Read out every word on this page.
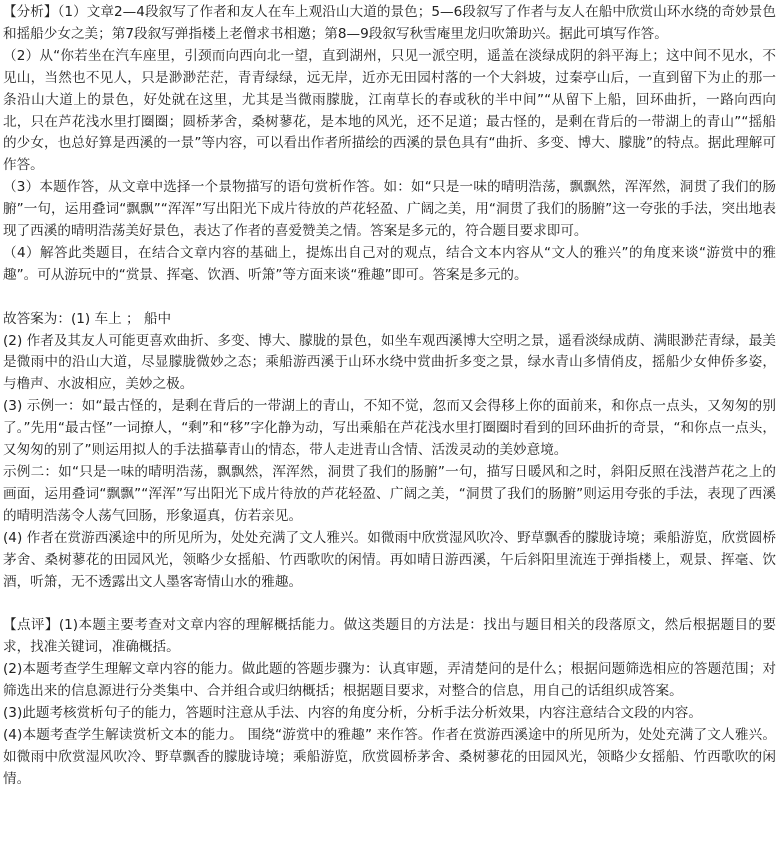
【分析】（1）文章2—4段叙写了作者和友人在车上观沿山大道的景色；5—6段叙写了作者与友人在船中欣赏山环水绕的奇妙景色和摇船少女之美；第7段叙写弹指楼上老僧求书相邀；第8—9段叙写秋雪庵里龙归吹箫助兴。据此可填写作答。

（2）从“你若坐在汽车座里，引颈而向西向北一望，直到湖州，只见一派空明，遥盖在淡绿成阴的斜平海上；这中间不见水，不见山，当然也不见人，只是渺渺茫茫，青青绿绿，远无岸，近亦无田园村落的一个大斜坡，过秦亭山后，一直到留下为止的那一条沿山大道上的景色，好处就在这里，尤其是当微雨朦胧，江南草长的春或秋的半中间”“从留下上船，回环曲折，一路向西向北，只在芦花浅水里打圈圈；圆桥茅舍，桑树蓼花，是本地的风光，还不足道；最古怪的，是剩在背后的一带湖上的青山”“摇船的少女，也总好算是西溪的一景”等内容，可以看出作者所描绘的西溪的景色具有“曲折、多变、博大、朦胧”的特点。据此理解可作答。

（3）本题作答，从文章中选择一个景物描写的语句赏析作答。如：如“只是一味的晴明浩荡，飘飘然，浑浑然，洞贯了我们的肠腑”一句，运用叠词“飘飘”“浑浑”写出阳光下成片待放的芦花轻盈、广阔之美，用“洞贯了我们的肠腑”这一夸张的手法，突出地表现了西溪的晴明浩荡美好景色，表达了作者的喜爱赞美之情。答案是多元的，符合题目要求即可。

（4）解答此类题目，在结合文章内容的基础上，提炼出自己对的观点，结合文本内容从“文人的雅兴”的角度来谈“游赏中的雅趣”。可从游玩中的“赏景、挥毫、饮酒、听箫”等方面来谈“雅趣”即可。答案是多元的。

故答案为：(1) 车上 ； 船中

(2) 作者及其友人可能更喜欢曲折、多变、博大、朦胧的景色，如坐车观西溪博大空明之景，遥看淡绿成荫、满眼渺茫青绿，最美是微雨中的沿山大道，尽显朦胧微妙之态；乘船游西溪于山环水绕中赏曲折多变之景，绿水青山多情俏皮，摇船少女伸侨多姿，与橹声、水波相应，美妙之极。

(3) 示例一：如“最古怪的，是剩在背后的一带湖上的青山，不知不觉，忽而又会得移上你的面前来，和你点一点头，又匆匆的别了。”先用“最古怪”一词撩人，“剩”和“移”字化静为动，写出乘船在芦花浅水里打圈圈时看到的回环曲折的奇景，“和你点一点头，又匆匆的别了”则运用拟人的手法描摹青山的情态，带人走进青山含情、活泼灵动的美妙意境。

示例二：如“只是一味的晴明浩荡，飘飘然，浑浑然，洞贯了我们的肠腑”一句，描写日暖风和之时，斜阳反照在浅潜芦花之上的画面，运用叠词“飘飘”“浑浑”写出阳光下成片待放的芦花轻盈、广阔之美，“洞贯了我们的肠腑”则运用夸张的手法，表现了西溪的晴明浩荡令人荡气回肠，形象逼真，仿若亲见。

(4) 作者在赏游西溪途中的所见所为，处处充满了文人雅兴。如微雨中欣赏湿风吹冷、野草飘香的朦胧诗境；乘船游览，欣赏圆桥茅舍、桑树蓼花的田园风光，领略少女摇船、竹西歌吹的闲情。再如晴日游西溪，午后斜阳里流连于弹指楼上，观景、挥毫、饮酒，听箫，无不透露出文人墨客寄情山水的雅趣。

【点评】(1)本题主要考查对文章内容的理解概括能力。做这类题目的方法是：找出与题目相关的段落原文，然后根据题目的要求，找准关键词，准确概括。

(2)本题考查学生理解文章内容的能力。做此题的答题步骤为：认真审题，弄清楚问的是什么；根据问题筛选相应的答题范围；对筛选出来的信息源进行分类集中、合并组合或归纳概括；根据题目要求，对整合的信息，用自己的话组织成答案。

(3)此题考核赏析句子的能力，答题时注意从手法、内容的角度分析，分析手法分析效果，内容注意结合文段的内容。

(4)本题考查学生解读赏析文本的能力。 围绕“游赏中的雅趣” 来作答。作者在赏游西溪途中的所见所为，处处充满了文人雅兴。如微雨中欣赏湿风吹冷、野草飘香的朦胧诗境；乘船游览，欣赏圆桥茅舍、桑树蓼花的田园风光，领略少女摇船、竹西歌吹的闲情。
